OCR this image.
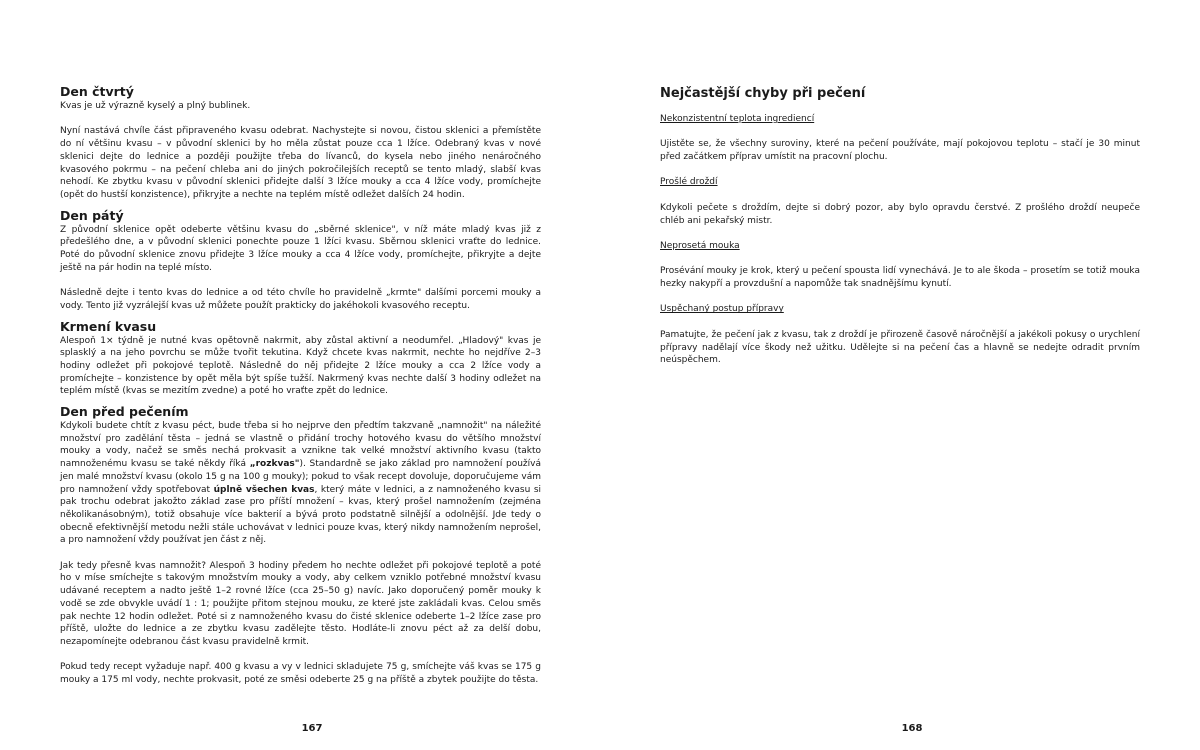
Den čtvrtý

Kvas je už výrazně kyselý a plný bublinek.

Nyní nastává chvíle část připraveného kvasu odebrat. Nachystejte si novou, čistou sklenici a přemístěte do ní většinu kvasu – v původní sklenici by ho měla zůstat pouze cca 1 lžíce. Odebraný kvas v nové sklenici dejte do lednice a později použijte třeba do lívanců, do kysela nebo jiného nenáročného kvasového pokrmu – na pečení chleba ani do jiných pokročilejších receptů se tento mladý, slabší kvas nehodí. Ke zbytku kvasu v původní sklenici přidejte další 3 lžíce mouky a cca 4 lžíce vody, promíchejte (opět do hustší konzistence), přikryjte a nechte na teplém místě odležet dalších 24 hodin.

Den pátý

Z původní sklenice opět odeberte většinu kvasu do „sběrné sklenice", v níž máte mladý kvas již z předešlého dne, a v původní sklenici ponechte pouze 1 lžíci kvasu. Sběrnou sklenici vraťte do lednice. Poté do původní sklenice znovu přidejte 3 lžíce mouky a cca 4 lžíce vody, promíchejte, přikryjte a dejte ještě na pár hodin na teplé místo.

Následně dejte i tento kvas do lednice a od této chvíle ho pravidelně „krmte" dalšími porcemi mouky a vody. Tento již vyzrálejší kvas už můžete použít prakticky do jakéhokoli kvasového receptu.

Krmení kvasu

Alespoň 1× týdně je nutné kvas opětovně nakrmit, aby zůstal aktivní a neodumřel. „Hladový" kvas je splasklý a na jeho povrchu se může tvořit tekutina. Když chcete kvas nakrmit, nechte ho nejdříve 2–3 hodiny odležet při pokojové teplotě. Následně do něj přidejte 2 lžíce mouky a cca 2 lžíce vody a promíchejte – konzistence by opět měla být spíše tužší. Nakrmený kvas nechte další 3 hodiny odležet na teplém místě (kvas se mezitím zvedne) a poté ho vraťte zpět do lednice.

Den před pečením

Kdykoli budete chtít z kvasu péct, bude třeba si ho nejprve den předtím takzvaně „namnožit" na náležité množství pro zadělání těsta – jedná se vlastně o přidání trochy hotového kvasu do většího množství mouky a vody, načež se směs nechá prokvasit a vznikne tak velké množství aktivního kvasu (takto namnoženému kvasu se také někdy říká „rozkvas"). Standardně se jako základ pro namnožení používá jen malé množství kvasu (okolo 15 g na 100 g mouky); pokud to však recept dovoluje, doporučujeme vám pro namnožení vždy spotřebovat úplně všechen kvas, který máte v lednici, a z namnoženého kvasu si pak trochu odebrat jakožto základ zase pro příští množení – kvas, který prošel namnožením (zejména několikanásobným), totiž obsahuje více bakterií a bývá proto podstatně silnější a odolnější. Jde tedy o obecně efektivnější metodu nežli stále uchovávat v lednici pouze kvas, který nikdy namnožením neprošel, a pro namnožení vždy používat jen část z něj.

Jak tedy přesně kvas namnožit? Alespoň 3 hodiny předem ho nechte odležet při pokojové teplotě a poté ho v míse smíchejte s takovým množstvím mouky a vody, aby celkem vzniklo potřebné množství kvasu udávané receptem a nadto ještě 1–2 rovné lžíce (cca 25–50 g) navíc. Jako doporučený poměr mouky k vodě se zde obvykle uvádí 1 : 1; použijte přitom stejnou mouku, ze které jste zakládali kvas. Celou směs pak nechte 12 hodin odležet. Poté si z namnoženého kvasu do čisté sklenice odeberte 1–2 lžíce zase pro příště, uložte do lednice a ze zbytku kvasu zadělejte těsto. Hodláte-li znovu péct až za delší dobu, nezapomínejte odebranou část kvasu pravidelně krmit.

Pokud tedy recept vyžaduje např. 400 g kvasu a vy v lednici skladujete 75 g, smíchejte váš kvas se 175 g mouky a 175 ml vody, nechte prokvasit, poté ze směsi odeberte 25 g na příště a zbytek použijte do těsta.

167
Nejčastější chyby při pečení

Nekonzistentní teplota ingrediencí

Ujistěte se, že všechny suroviny, které na pečení používáte, mají pokojovou teplotu – stačí je 30 minut před začátkem příprav umístit na pracovní plochu.

Prošlé droždí

Kdykoli pečete s droždím, dejte si dobrý pozor, aby bylo opravdu čerstvé. Z prošlého droždí neupeče chléb ani pekařský mistr.

Neprosetá mouka

Prosévání mouky je krok, který u pečení spousta lidí vynechává. Je to ale škoda – prosetím se totiž mouka hezky nakypří a provzdušní a napomůže tak snadnějšímu kynutí.

Uspěchaný postup přípravy

Pamatujte, že pečení jak z kvasu, tak z droždí je přirozeně časově náročnější a jakékoli pokusy o urychlení přípravy nadělají více škody než užitku. Udělejte si na pečení čas a hlavně se nedejte odradit prvním neúspěchem.

168
